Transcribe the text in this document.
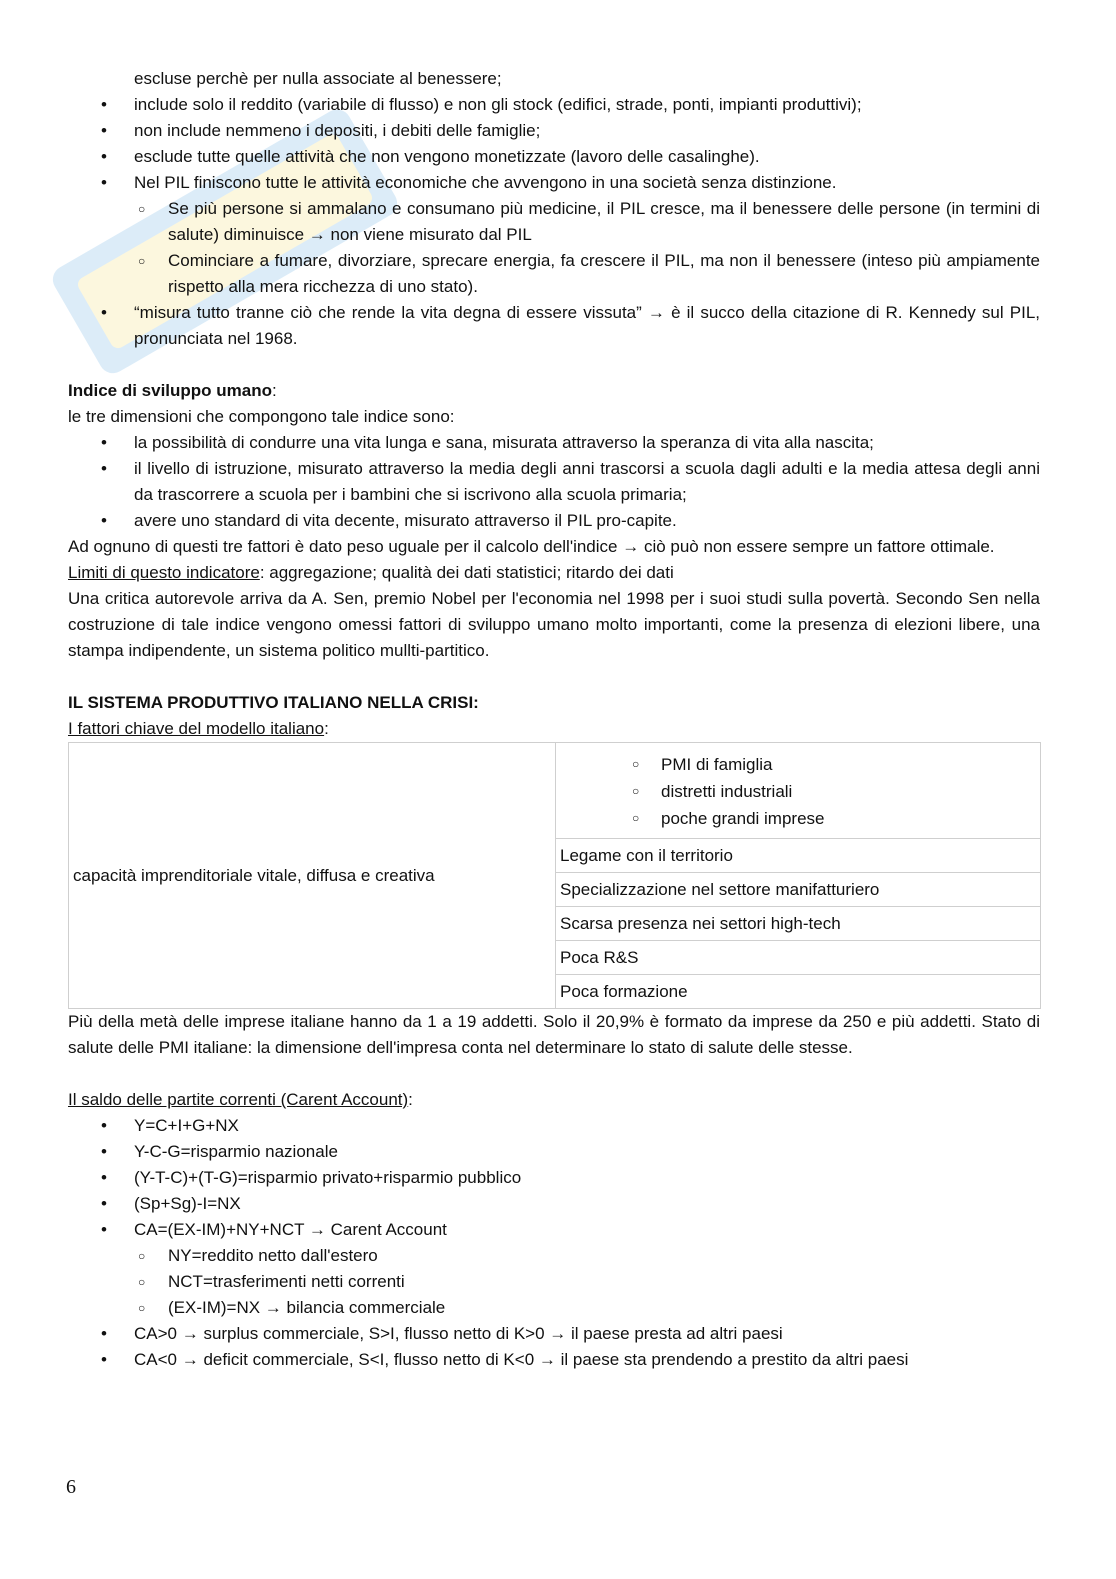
escluse perchè per nulla associate al benessere;
• include solo il reddito (variabile di flusso) e non gli stock (edifici, strade, ponti, impianti produttivi);
• non include nemmeno i depositi, i debiti delle famiglie;
• esclude tutte quelle attività che non vengono monetizzate (lavoro delle casalinghe).
• Nel PIL finiscono tutte le attività economiche che avvengono in una società senza distinzione.
○ Se più persone si ammalano e consumano più medicine, il PIL cresce, ma il benessere delle persone (in termini di salute) diminuisce → non viene misurato dal PIL
○ Cominciare a fumare, divorziare, sprecare energia, fa crescere il PIL, ma non il benessere (inteso più ampiamente rispetto alla mera ricchezza di uno stato).
• “misura tutto tranne ciò che rende la vita degna di essere vissuta” → è il succo della citazione di R. Kennedy sul PIL, pronunciata nel 1968.
Indice di sviluppo umano:
le tre dimensioni che compongono tale indice sono:
• la possibilità di condurre una vita lunga e sana, misurata attraverso la speranza di vita alla nascita;
• il livello di istruzione, misurato attraverso la media degli anni trascorsi a scuola dagli adulti e la media attesa degli anni da trascorrere a scuola per i bambini che si iscrivono alla scuola primaria;
• avere uno standard di vita decente, misurato attraverso il PIL pro-capite.
Ad ognuno di questi tre fattori è dato peso uguale per il calcolo dell'indice → ciò può non essere sempre un fattore ottimale.
Limiti di questo indicatore: aggregazione; qualità dei dati statistici; ritardo dei dati
Una critica autorevole arriva da A. Sen, premio Nobel per l'economia nel 1998 per i suoi studi sulla povertà. Secondo Sen nella costruzione di tale indice vengono omessi fattori di sviluppo umano molto importanti, come la presenza di elezioni libere, una stampa indipendente, un sistema politico mullti-partitico.
IL SISTEMA PRODUTTIVO ITALIANO NELLA CRISI:
I fattori chiave del modello italiano:
capacità imprenditoriale vitale, diffusa e creativa	
○ PMI di famiglia
○ distretti industriali
○ poche grandi imprese

Legame con il territorio
Specializzazione nel settore manifatturiero
Scarsa presenza nei settori high-tech
Poca R&S
Poca formazione
Più della metà delle imprese italiane hanno da 1 a 19 addetti. Solo il 20,9% è formato da imprese da 250 e più addetti. Stato di salute delle PMI italiane: la dimensione dell'impresa conta nel determinare lo stato di salute delle stesse.
Il saldo delle partite correnti (Carent Account):
• Y=C+I+G+NX
• Y-C-G=risparmio nazionale
• (Y-T-C)+(T-G)=risparmio privato+risparmio pubblico
• (Sp+Sg)-I=NX
• CA=(EX-IM)+NY+NCT → Carent Account
○ NY=reddito netto dall'estero
○ NCT=trasferimenti netti correnti
○ (EX-IM)=NX → bilancia commerciale
• CA>0 → surplus commerciale, S>I, flusso netto di K>0 → il paese presta ad altri paesi
• CA<0 → deficit commerciale, S<I, flusso netto di K<0 → il paese sta prendendo a prestito da altri paesi
6
